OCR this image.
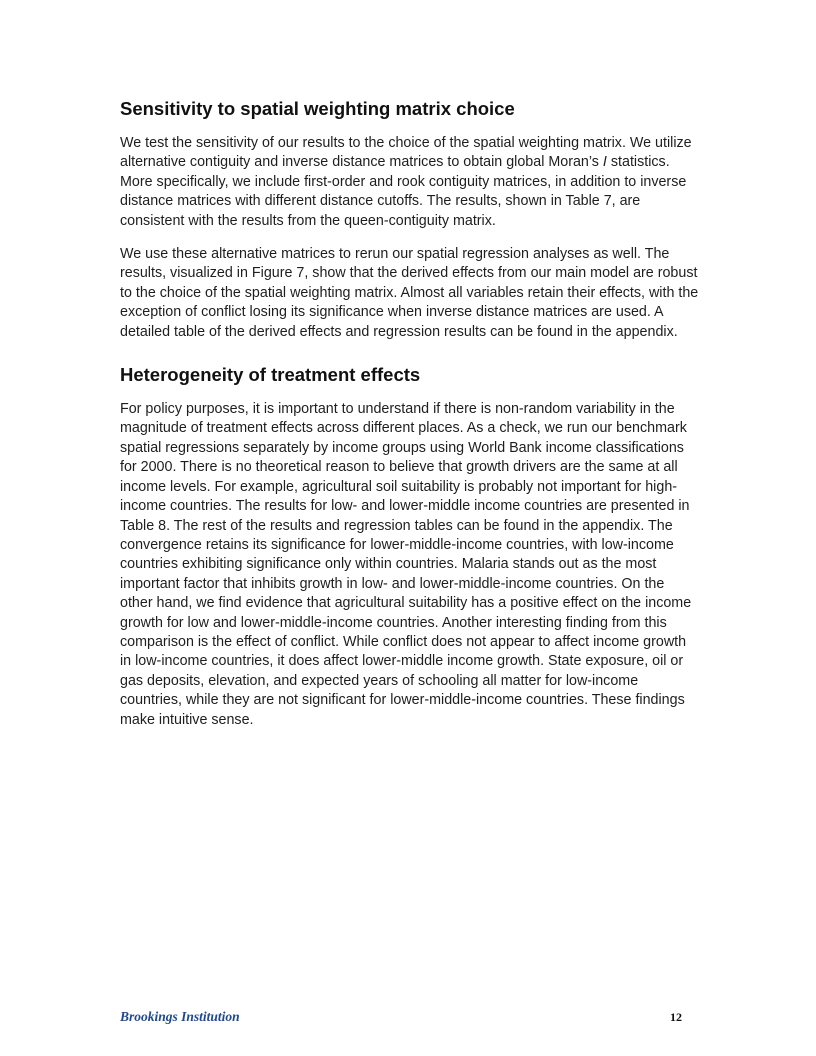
Sensitivity to spatial weighting matrix choice

We test the sensitivity of our results to the choice of the spatial weighting matrix. We utilize alternative contiguity and inverse distance matrices to obtain global Moran’s I statistics. More specifically, we include first-order and rook contiguity matrices, in addition to inverse distance matrices with different distance cutoffs. The results, shown in Table 7, are consistent with the results from the queen-contiguity matrix.

We use these alternative matrices to rerun our spatial regression analyses as well. The results, visualized in Figure 7, show that the derived effects from our main model are robust to the choice of the spatial weighting matrix. Almost all variables retain their effects, with the exception of conflict losing its significance when inverse distance matrices are used. A detailed table of the derived effects and regression results can be found in the appendix.

Heterogeneity of treatment effects

For policy purposes, it is important to understand if there is non-random variability in the magnitude of treatment effects across different places. As a check, we run our benchmark spatial regressions separately by income groups using World Bank income classifications for 2000. There is no theoretical reason to believe that growth drivers are the same at all income levels. For example, agricultural soil suitability is probably not important for high-income countries. The results for low- and lower-middle income countries are presented in Table 8. The rest of the results and regression tables can be found in the appendix. The convergence retains its significance for lower-middle-income countries, with low-income countries exhibiting significance only within countries. Malaria stands out as the most important factor that inhibits growth in low- and lower-middle-income countries. On the other hand, we find evidence that agricultural suitability has a positive effect on the income growth for low and lower-middle-income countries. Another interesting finding from this comparison is the effect of conflict. While conflict does not appear to affect income growth in low-income countries, it does affect lower-middle income growth. State exposure, oil or gas deposits, elevation, and expected years of schooling all matter for low-income countries, while they are not significant for lower-middle-income countries. These findings make intuitive sense.

Brookings Institution	12
